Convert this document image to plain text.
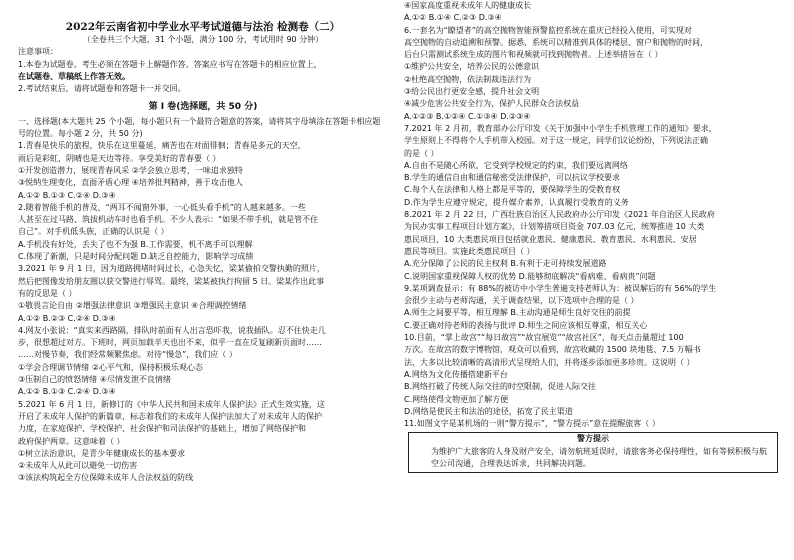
2022年云南省初中学业水平考试道德与法治 检测卷（二）
（全卷共三个大题，31 个小题，满分 100 分，考试用时 90 分钟）
注意事项：
1.本卷为试题卷。考生必须在答题卡上解题作答。答案应书写在答题卡的相应位置上，
在试题卷、草稿纸上作答无效。
2.考试结束后，请将试题卷和答题卡一并交回。
第 I 卷(选择题，共 50 分)
一、选择题(本大题共 25 个小题，每小题只有一个最符合题意的答案，请将其字母填涂在答题卡相应题号的位置。每小题 2 分，共 50 分)
1.青春是快乐的旅程，快乐在这里蔓延，痛苦也在对面徘徊；青春是多元的天空，
雨后是彩虹，阴晴也是天边等待。享受美好的青春要（ ）
①开发创造潜力，展现青春风采 ②学会独立思考，一味追求独特
③悦纳生理变化，直面矛盾心理 ④培养批判精神，善于攻击他人
A.①② B.①③ C.②④ D.③④
2.随着智能手机的普及，“两耳不闻窗外事，一心低头看手机”的人越来越多。一些
人甚至在过马路、筑拔机动车时也看手机。不少人表示：“如果不带手机，就是管不住
自己”。对手机低头族，正确的认识是（ ）
A.手机没有好处，丢失了也不为强 B.工作需要，机不离手可以理解
C.体现了新潮，只是时间分配问题 D.缺乏自控能力，影响学习成绩
3.2021 年 9 月 1 日，因为道路拥堵时间过长，心急失忆，梁某偷拍交警执勤的照片，
然后把图像发给朋友圈以获交警进行辱骂。最终，梁某被执行拘留 5 日。梁某作出此事
有的反思是（ ）
①敬畏言论自由 ②增强法律意识 ③增强民主意识 ④合理调控情绪
A.①② B.②③ C.②④ D.③④
4.网友小张说：“真实来西路隔，排队时前面有人出言恐吓我，说我插队。忍不住快走几
步，很想超过对方。下班时，网页加载半天也出不来，似乎一直在反复刷新页面时……
……对慢节奏，我们经常频繁焦虑。对待“慢急”，我们应（ ）
①学会合理调节情绪 ②心平气和，保持积极乐观心态
③压制自己的愤怒情绪 ④尽情发泄不良情绪
A.①② B.①③ C.②④ D.③④
5.2021 年 6 月 1 日，新修订的《中华人民共和国未成年人保护法》正式生效实施，这
开启了未成年人保护的新篇章，标志着我们的未成年人保护法加大了对未成年人的保护
力度，在家庭保护、学校保护、社会保护和司法保护的基础上，增加了网络保护和
政府保护两章。这意味着（ ）
①树立法治意识，是青少年健康成长的基本要求
②未成年人从此可以避免一切伤害
③该法构筑起全方位保障未成年人合法权益的防线
④国家高度重视未成年人的健康成长
A.①② B.①④ C.②③ D.③④
6.一套名为“瞭望者”的高空抛物智能预警监控系统在重庆已经投入使用，可实现对
高空抛物的自动追溯和预警。据悉，系统可以精准到具体的楼层、窗户和抛物的时间，
后台只需测试系统生成的图片和视频就可找到抛物者。上述举措旨在（ ）
①维护公共安全，培养公民的公德意识
②杜绝高空抛物，依法制裁违法行为
③给公民出行更安全感，提升社会文明
④减少危害公共安全行为，保护人民群众合法权益
A.①②③ B.①②④ C.①③④ D.②③④
7.2021 年 2 月初，教育部办公厅印发《关于加强中小学生手机管理工作的通知》要求，
学生原则上不得将个人手机带入校园。对于这一规定，同学们议论纷纷，下列说法正确
的是（ ）
A.自由不是随心所欲，它受到学校规定的约束，我们要远离网络
B.学生的通信自由和通信秘密受法律保护，可以抗议学校要求
C.每个人在法律和人格上都是平等的，要保障学生的受教育权
D.作为学生应遵守规定，提升媒介素养，认真履行受教育的义务
8.2021 年 2 月 22 日，广西壮族自治区人民政府办公厅印发《2021 年自治区人民政府
为民办实事工程项目计划方案》，计划筹措项目资金 707.03 亿元，统筹推进 10 大类
惠民项目，10 大类惠民项目包括就业惠民、健康惠民、教育惠民、水利惠民、安居
惠民等项目。实施此类惠民项目（ ）
A.充分保障了公民的民主权利 B.有利于走可持续发展道路
C.说明国家重视保障人权的优势 D.能够彻底解决“看病难、看病贵”问题
9.某项调查显示：有 88%的被访中小学生普遍支持老师认为：被误解后的有 56%的学生
会很少主动与老师沟通，关于调查结果，以下选项中合理的是（ ）
A.师生之间要平等，相互理解 B.主动沟通是师生良好交往的前提
C.要正确对待老师的表扬与批评 D.师生之间应该相互尊重，相互关心
10.目前，“掌上故宫”“每日故宫”“故宫展览”“故宫社区”，每天点击量超过 100
万次。在故宫的数字博物馆，观众可以看到，故宫收藏的 1500 块地毯、7.5 万幅书
法，大多以比较清晰的高清形式呈现给人们，并将逐步添加更多珍贵。这说明（ ）
A.网络为文化传播搭建新平台
B.网络打破了传统人际交往的时空限制，促进人际交往
C.网络使得文物更加了解方便
D.网络是使民主和法治的途径，拓宽了民主渠道
11.如图文字是某机场的一则“警方提示”，“警方提示”意在提醒旅客（ ）
警方提示
为维护广大旅客的人身及财产安全，请勿航班延误时，请旅客务必保持理性，如有等候积极与航空公司沟通，合理表达诉求，共同解决问题。
